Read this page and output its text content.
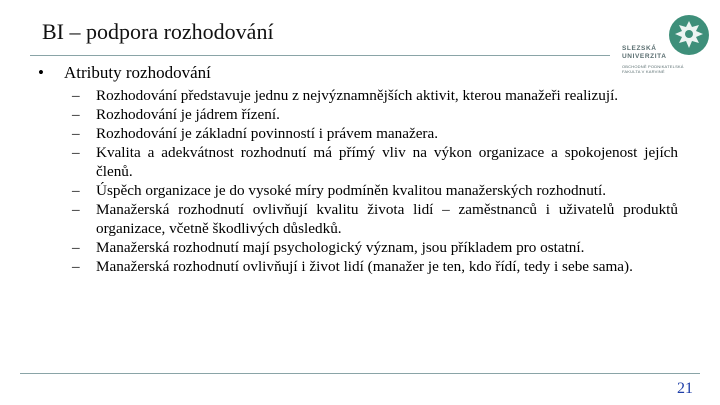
BI – podpora rozhodování
SLEZSKÁ
UNIVERZITA
OBCHODNĚ PODNIKATELSKÁ
FAKULTA V KARVINÉ
• Atributy rozhodování
– Rozhodování představuje jednu z nejvýznamnějších aktivit, kterou manažeři realizují.
– Rozhodování je jádrem řízení.
– Rozhodování je základní povinností i právem manažera.
– Kvalita a adekvátnost rozhodnutí má přímý vliv na výkon organizace a spokojenost jejích členů.
– Úspěch organizace je do vysoké míry podmíněn kvalitou manažerských rozhodnutí.
– Manažerská rozhodnutí ovlivňují kvalitu života lidí – zaměstnanců i uživatelů produktů organizace, včetně škodlivých důsledků.
– Manažerská rozhodnutí mají psychologický význam, jsou příkladem pro ostatní.
– Manažerská rozhodnutí ovlivňují i život lidí (manažer je ten, kdo řídí, tedy i sebe sama).
21
